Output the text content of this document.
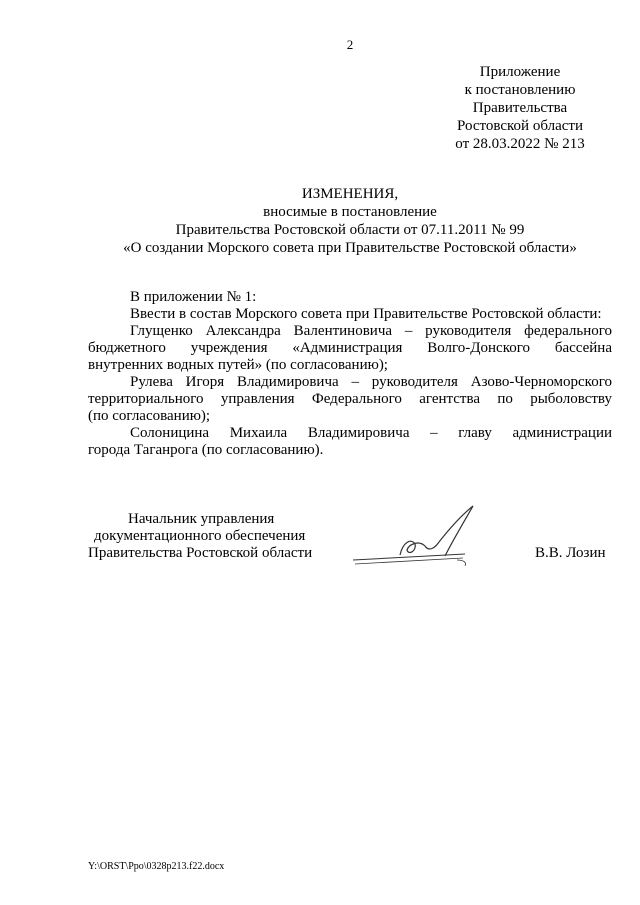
2
Приложение
к постановлению
Правительства
Ростовской области
от 28.03.2022 № 213
ИЗМЕНЕНИЯ,
вносимые в постановление
Правительства Ростовской области от 07.11.2011 № 99
«О создании Морского совета при Правительстве Ростовской области»
В приложении № 1:
Ввести в состав Морского совета при Правительстве Ростовской области:
Глущенко Александра Валентиновича – руководителя федерального
бюджетного учреждения «Администрация Волго-Донского бассейна
внутренних водных путей» (по согласованию);
Рулева Игоря Владимировича – руководителя Азово-Черноморского
территориального управления Федерального агентства по рыболовству
(по согласованию);
Солоницина Михаила Владимировича – главу администрации
города Таганрога (по согласованию).
Начальник управления
документационного обеспечения
Правительства Ростовской области	В.В. Лозин
Y:\ORST\Ppo\0328p213.f22.docx
